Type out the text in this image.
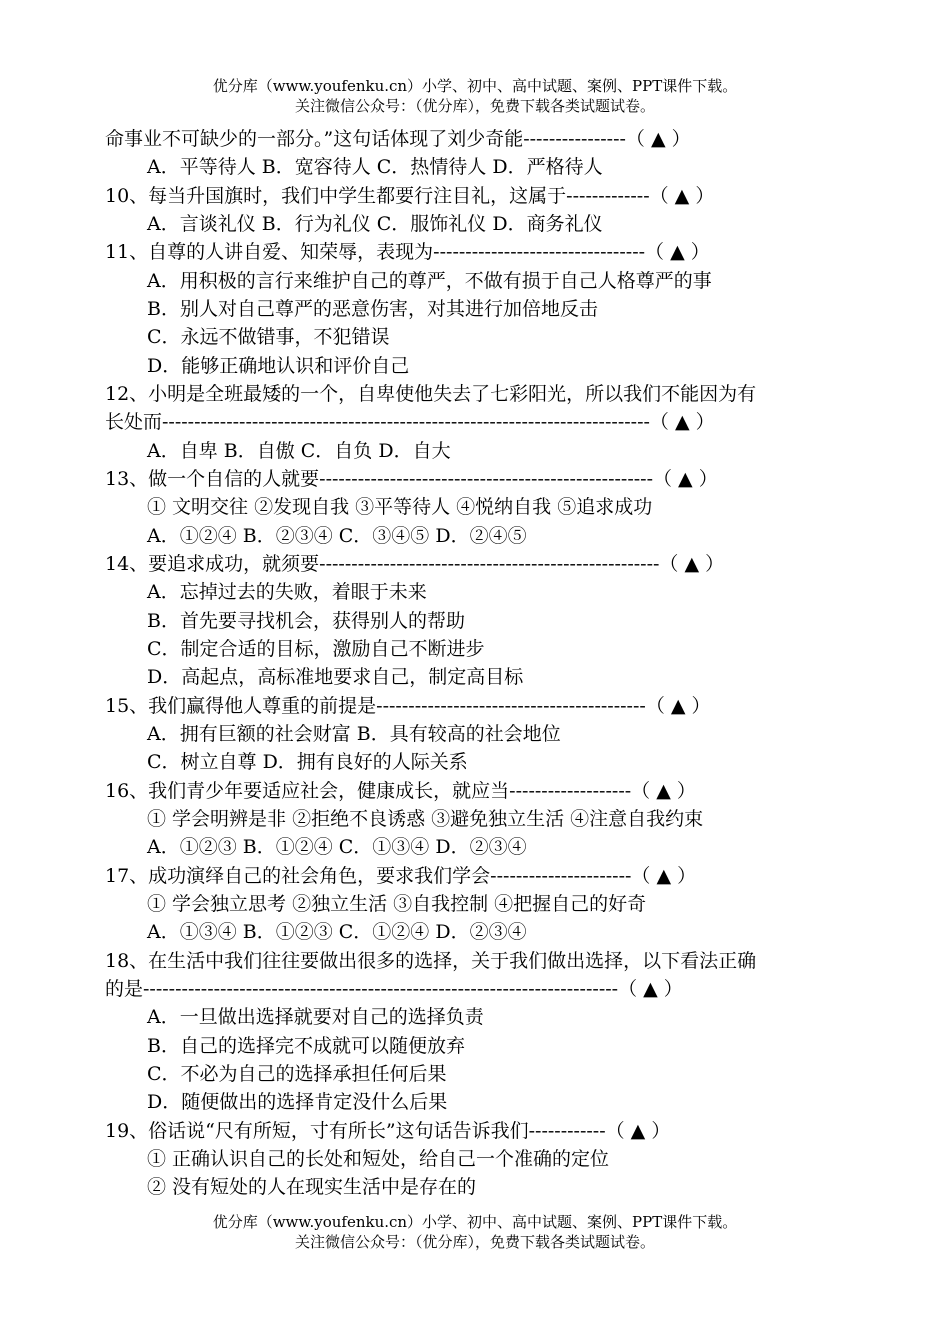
优分库（www.youfenku.cn）小学、初中、高中试题、案例、PPT课件下载。
关注微信公众号：（优分库），免费下载各类试题试卷。
命事业不可缺少的一部分。”这句话体现了刘少奇能----------------（ ▲ ）
A．平等待人 B．宽容待人 C．热情待人 D．严格待人
10、每当升国旗时，我们中学生都要行注目礼，这属于-------------（ ▲ ）
A．言谈礼仪 B．行为礼仪 C．服饰礼仪 D．商务礼仪
11、自尊的人讲自爱、知荣辱，表现为---------------------------------（ ▲ ）
A．用积极的言行来维护自己的尊严，不做有损于自己人格尊严的事
B．别人对自己尊严的恶意伤害，对其进行加倍地反击
C．永远不做错事，不犯错误
D．能够正确地认识和评价自己
12、小明是全班最矮的一个，自卑使他失去了七彩阳光，所以我们不能因为有
长处而----------------------------------------------------------------------------（ ▲ ）
A．自卑 B．自傲 C．自负 D．自大
13、做一个自信的人就要----------------------------------------------------（ ▲ ）
① 文明交往 ②发现自我 ③平等待人 ④悦纳自我 ⑤追求成功
A．①②④ B．②③④ C．③④⑤ D．②④⑤
14、要追求成功，就须要-----------------------------------------------------（ ▲ ）
A．忘掉过去的失败，着眼于未来
B．首先要寻找机会，获得别人的帮助
C．制定合适的目标，激励自己不断进步
D．高起点，高标准地要求自己，制定高目标
15、我们赢得他人尊重的前提是------------------------------------------（ ▲ ）
A．拥有巨额的社会财富 B．具有较高的社会地位
C．树立自尊 D．拥有良好的人际关系
16、我们青少年要适应社会，健康成长，就应当-------------------（ ▲ ）
① 学会明辨是非 ②拒绝不良诱惑 ③避免独立生活 ④注意自我约束
A．①②③ B．①②④ C．①③④ D．②③④
17、成功演绎自己的社会角色，要求我们学会----------------------（ ▲ ）
① 学会独立思考 ②独立生活 ③自我控制 ④把握自己的好奇
A．①③④ B．①②③ C．①②④ D．②③④
18、在生活中我们往往要做出很多的选择，关于我们做出选择，以下看法正确
的是--------------------------------------------------------------------------（ ▲ ）
A．一旦做出选择就要对自己的选择负责
B．自己的选择完不成就可以随便放弃
C．不必为自己的选择承担任何后果
D．随便做出的选择肯定没什么后果
19、俗话说“尺有所短，寸有所长”这句话告诉我们------------（ ▲ ）
① 正确认识自己的长处和短处，给自己一个准确的定位
② 没有短处的人在现实生活中是存在的
优分库（www.youfenku.cn）小学、初中、高中试题、案例、PPT课件下载。
关注微信公众号：（优分库），免费下载各类试题试卷。
